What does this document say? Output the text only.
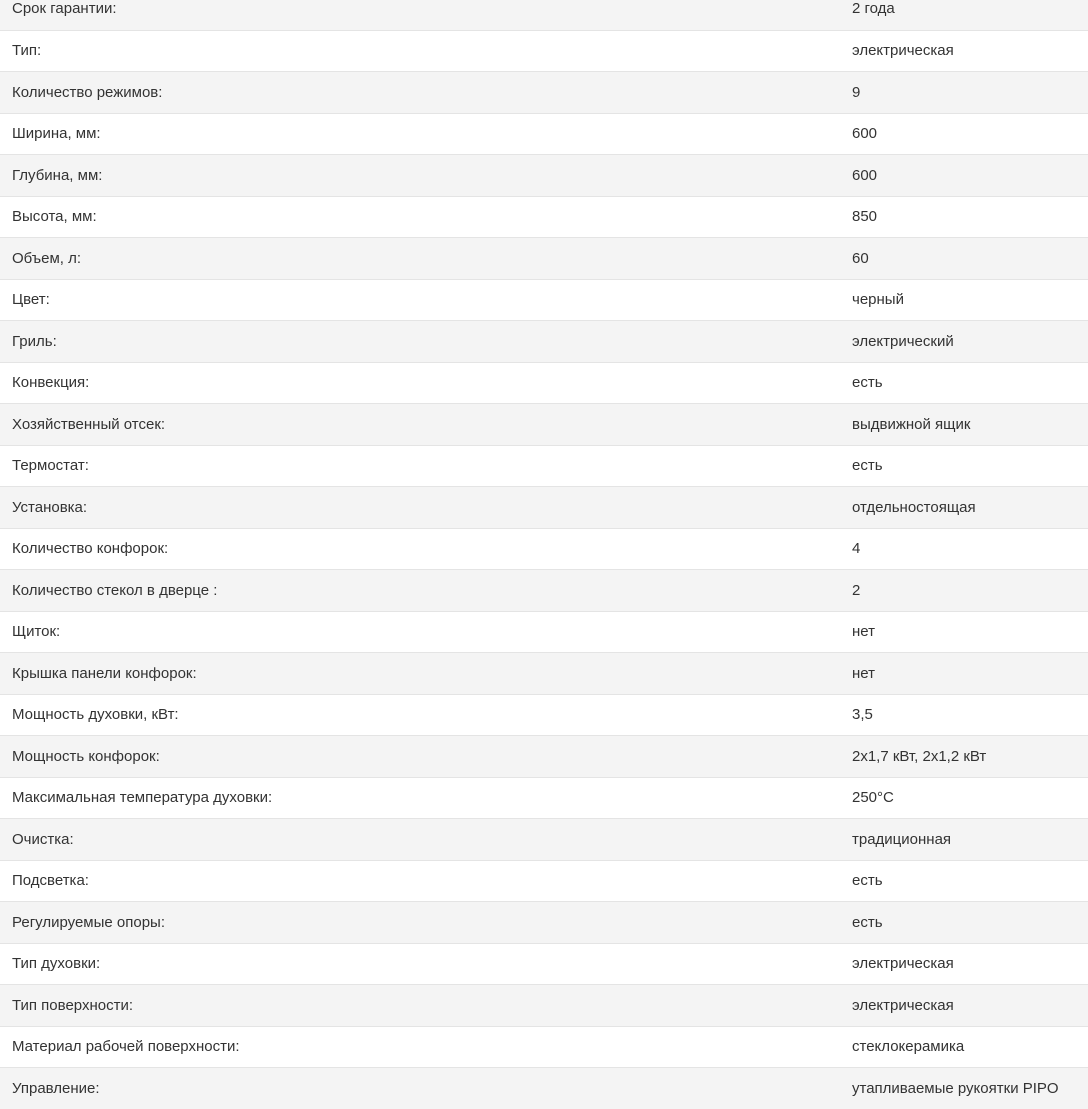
Срок гарантии:	2 года
Тип:	электрическая
Количество режимов:	9
Ширина, мм:	600
Глубина, мм:	600
Высота, мм:	850
Объем, л:	60
Цвет:	черный
Гриль:	электрический
Конвекция:	есть
Хозяйственный отсек:	выдвижной ящик
Термостат:	есть
Установка:	отдельностоящая
Количество конфорок:	4
Количество стекол в дверце :	2
Щиток:	нет
Крышка панели конфорок:	нет
Мощность духовки, кВт:	3,5
Мощность конфорок:	2х1,7 кВт, 2х1,2 кВт
Максимальная температура духовки:	250°C
Очистка:	традиционная
Подсветка:	есть
Регулируемые опоры:	есть
Тип духовки:	электрическая
Тип поверхности:	электрическая
Материал рабочей поверхности:	стеклокерамика
Управление:	утапливаемые рукоятки PIPO
